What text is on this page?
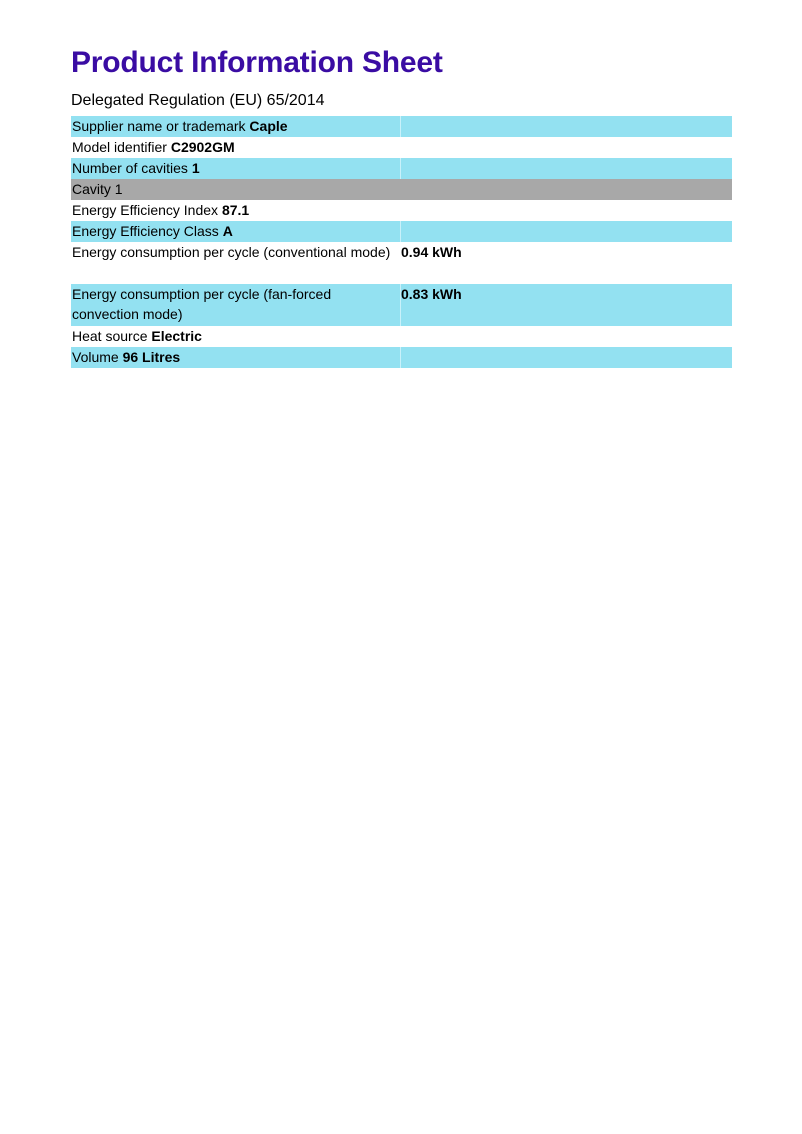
Product Information Sheet
Delegated Regulation (EU) 65/2014
Supplier name or trademark Caple
Model identifier C2902GM
Number of cavities 1
Cavity 1
Energy Efficiency Index 87.1
Energy Efficiency Class A
Energy consumption per cycle (conventional mode) 0.94 kWh
Energy consumption per cycle (fan-forced convection mode)
0.83 kWh
Heat source Electric
Volume 96 Litres
